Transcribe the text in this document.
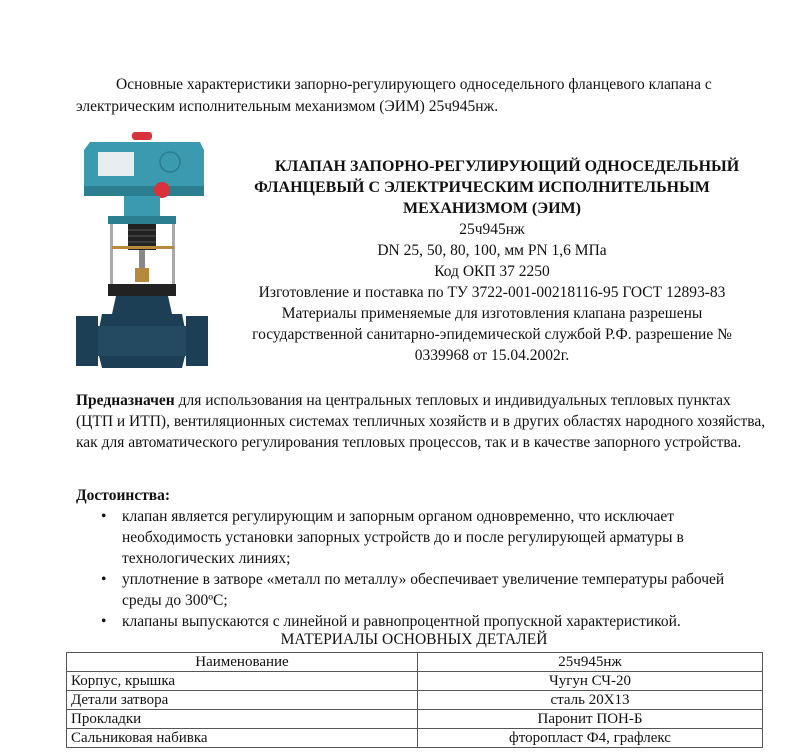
Основные характеристики запорно-регулирующего односедельного фланцевого клапана с электрическим исполнительным механизмом (ЭИМ) 25ч945нж.
КЛАПАН ЗАПОРНО-РЕГУЛИРУЮЩИЙ ОДНОСЕДЕЛЬНЫЙ
ФЛАНЦЕВЫЙ С ЭЛЕКТРИЧЕСКИМ ИСПОЛНИТЕЛЬНЫМ
МЕХАНИЗМОМ (ЭИМ)
25ч945нж
DN 25, 50, 80, 100, мм PN 1,6 МПа
Код ОКП 37 2250
Изготовление и поставка по ТУ 3722-001-00218116-95 ГОСТ 12893-83
Материалы применяемые для изготовления клапана разрешены
государственной санитарно-эпидемической службой Р.Ф. разрешение №
0339968 от 15.04.2002г.
Предназначен для использования на центральных тепловых и индивидуальных тепловых пунктах (ЦТП и ИТП), вентиляционных системах тепличных хозяйств и в других областях народного хозяйства, как для автоматического регулирования тепловых процессов, так и в качестве запорного устройства.
Достоинства:
• клапан является регулирующим и запорным органом одновременно, что исключает необходимость установки запорных устройств до и после регулирующей арматуры в технологических линиях;
• уплотнение в затворе «металл по металлу» обеспечивает увеличение температуры рабочей среды до 300ºС;
• клапаны выпускаются с линейной и равнопроцентной пропускной характеристикой.
МАТЕРИАЛЫ ОСНОВНЫХ ДЕТАЛЕЙ
Наименование	25ч945нж
Корпус, крышка	Чугун СЧ-20
Детали затвора	сталь 20Х13
Прокладки	Паронит ПОН-Б
Сальниковая набивка	фторопласт Ф4, графлекс
